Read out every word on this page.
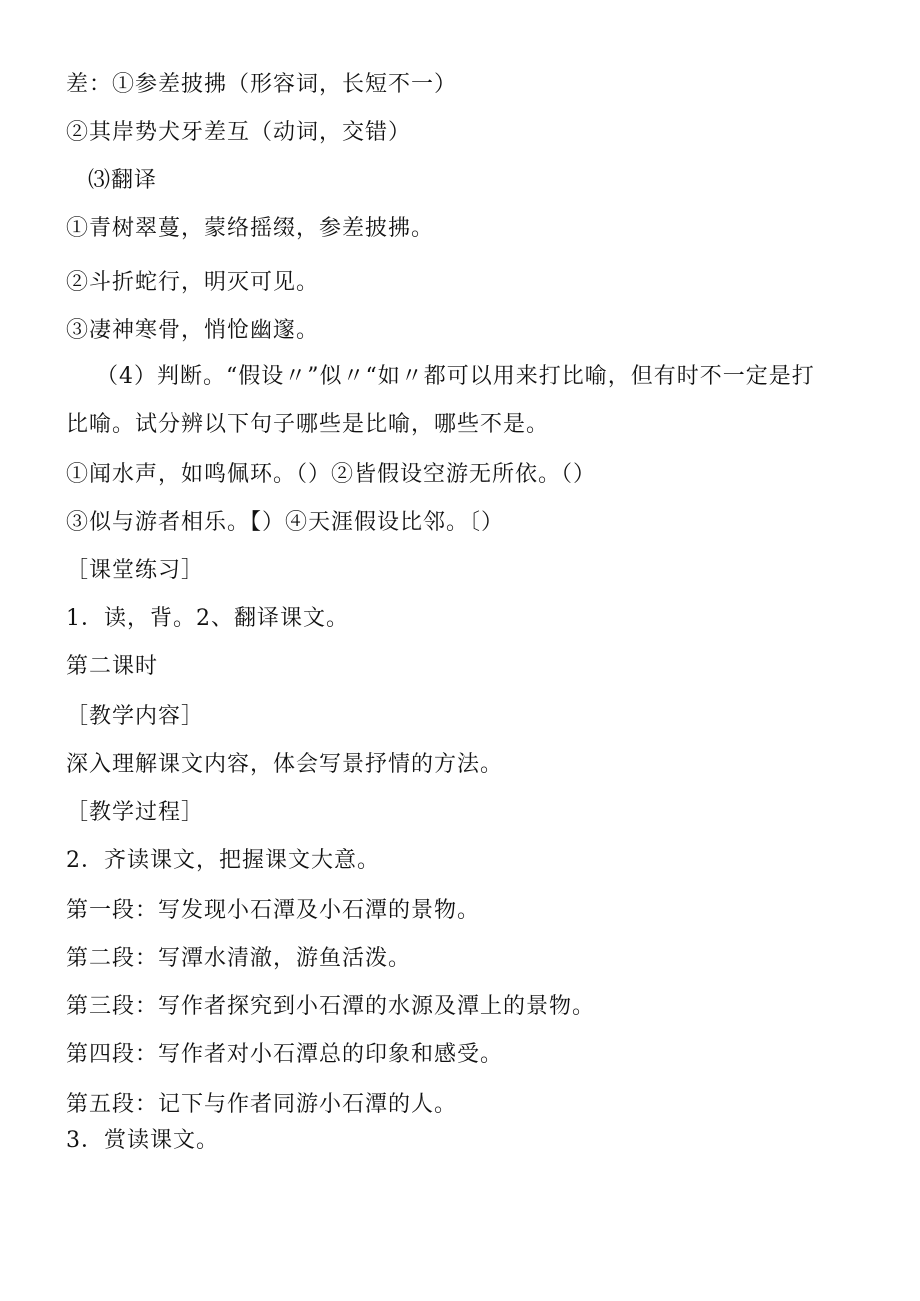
差：①参差披拂（形容词，长短不一）
②其岸势犬牙差互（动词，交错）
⑶翻译
①青树翠蔓，蒙络摇缀，参差披拂。
②斗折蛇行，明灭可见。
③凄神寒骨，悄怆幽邃。
（4）判断。“假设〃”似〃“如〃都可以用来打比喻，但有时不一定是打
比喻。试分辨以下句子哪些是比喻，哪些不是。
①闻水声，如鸣佩环。（）②皆假设空游无所依。（）
③似与游者相乐。【）④天涯假设比邻。〔）
［课堂练习］
1．读，背。2、翻译课文。
第二课时
［教学内容］
深入理解课文内容，体会写景抒情的方法。
［教学过程］
2．齐读课文，把握课文大意。
第一段：写发现小石潭及小石潭的景物。
第二段：写潭水清澈，游鱼活泼。
第三段：写作者探究到小石潭的水源及潭上的景物。
第四段：写作者对小石潭总的印象和感受。
第五段：记下与作者同游小石潭的人。
3．赏读课文。
